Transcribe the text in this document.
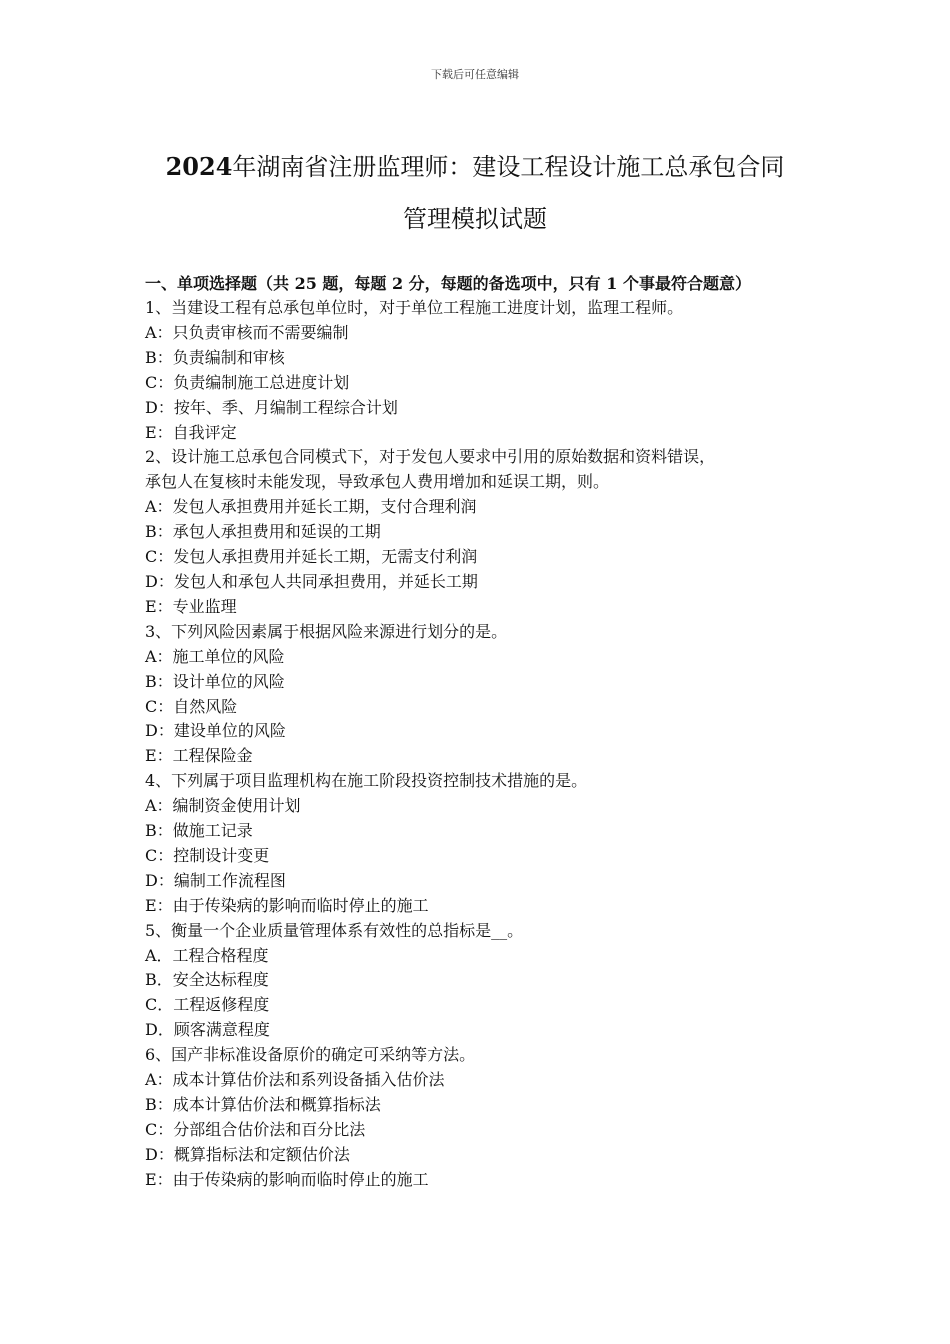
下载后可任意编辑
2024年湖南省注册监理师：建设工程设计施工总承包合同
管理模拟试题

一、单项选择题（共 25 题，每题 2 分，每题的备选项中，只有 1 个事最符合题意）

1、当建设工程有总承包单位时，对于单位工程施工进度计划，监理工程师。
A：只负责审核而不需要编制
B：负责编制和审核
C：负责编制施工总进度计划
D：按年、季、月编制工程综合计划
E：自我评定
2、设计施工总承包合同模式下，对于发包人要求中引用的原始数据和资料错误，
承包人在复核时未能发现，导致承包人费用增加和延误工期，则。
A：发包人承担费用并延长工期，支付合理利润
B：承包人承担费用和延误的工期
C：发包人承担费用并延长工期，无需支付利润
D：发包人和承包人共同承担费用，并延长工期
E：专业监理
3、下列风险因素属于根据风险来源进行划分的是。
A：施工单位的风险
B：设计单位的风险
C：自然风险
D：建设单位的风险
E：工程保险金
4、下列属于项目监理机构在施工阶段投资控制技术措施的是。
A：编制资金使用计划
B：做施工记录
C：控制设计变更
D：编制工作流程图
E：由于传染病的影响而临时停止的施工
5、衡量一个企业质量管理体系有效性的总指标是__。
A．工程合格程度
B．安全达标程度
C．工程返修程度
D．顾客满意程度
6、国产非标准设备原价的确定可采纳等方法。
A：成本计算估价法和系列设备插入估价法
B：成本计算估价法和概算指标法
C：分部组合估价法和百分比法
D：概算指标法和定额估价法
E：由于传染病的影响而临时停止的施工
